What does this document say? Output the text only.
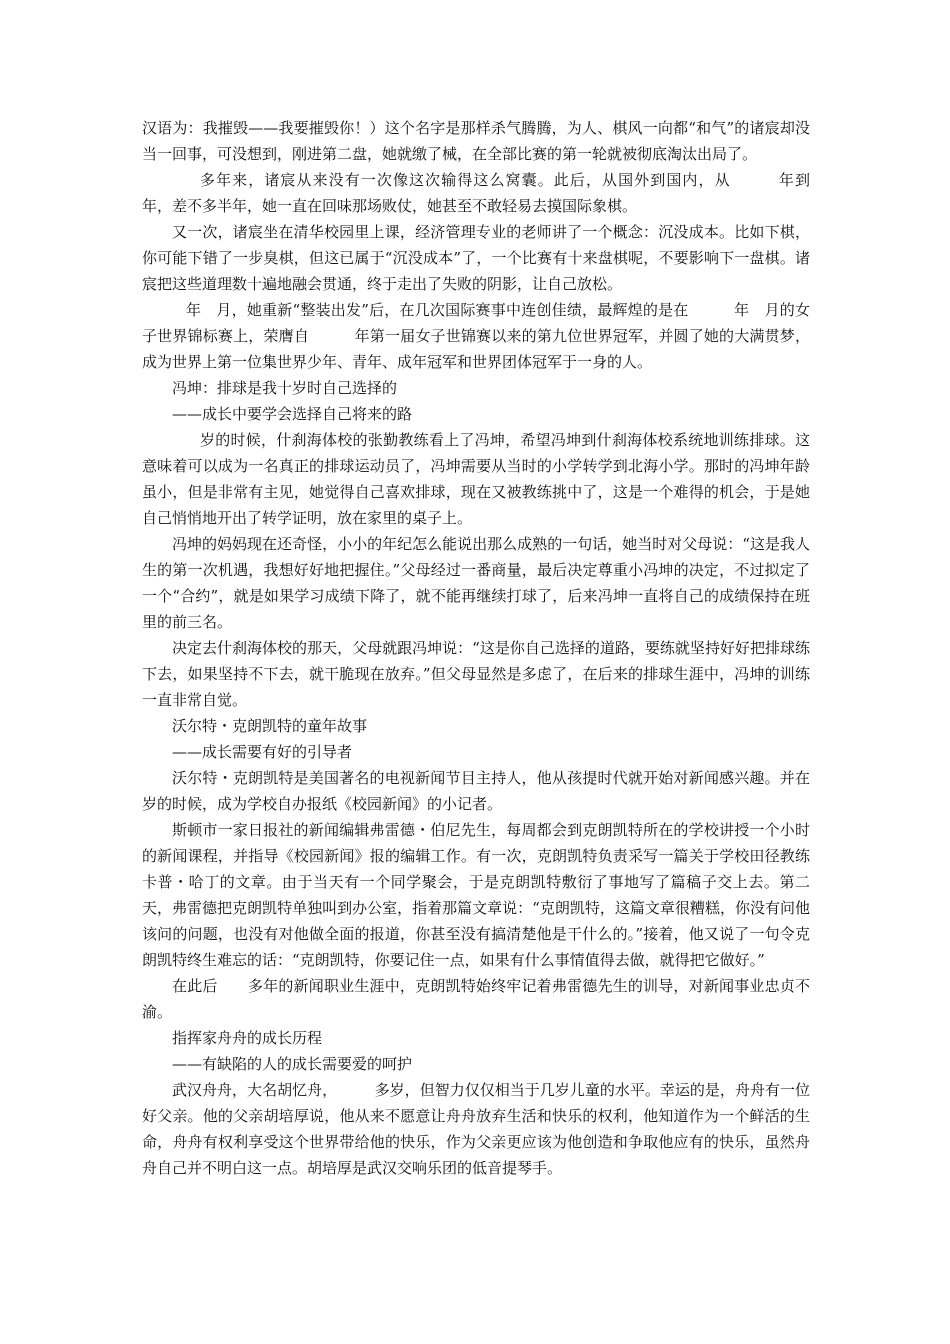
汉语为：我摧毁——我要摧毁你！）这个名字是那样杀气腾腾，为人、棋风一向都“和气”的诸宸却没当一回事，可没想到，刚进第二盘，她就缴了械，在全部比赛的第一轮就被彻底淘汰出局了。

多年来，诸宸从来没有一次像这次输得这么窝囊。此后，从国外到国内，从　　　年到　　　年，差不多半年，她一直在回味那场败仗，她甚至不敢轻易去摸国际象棋。

又一次，诸宸坐在清华校园里上课，经济管理专业的老师讲了一个概念：沉没成本。比如下棋，你可能下错了一步臭棋，但这已属于“沉没成本”了，一个比赛有十来盘棋呢，不要影响下一盘棋。诸宸把这些道理数十遍地融会贯通，终于走出了失败的阴影，让自己放松。

年　月，她重新“整装出发”后，在几次国际赛事中连创佳绩，最辉煌的是在　　　年　月的女子世界锦标赛上，荣膺自　　　年第一届女子世锦赛以来的第九位世界冠军，并圆了她的大满贯梦，成为世界上第一位集世界少年、青年、成年冠军和世界团体冠军于一身的人。

冯坤：排球是我十岁时自己选择的

——成长中要学会选择自己将来的路

岁的时候，什刹海体校的张勤教练看上了冯坤，希望冯坤到什刹海体校系统地训练排球。这意味着可以成为一名真正的排球运动员了，冯坤需要从当时的小学转学到北海小学。那时的冯坤年龄虽小，但是非常有主见，她觉得自己喜欢排球，现在又被教练挑中了，这是一个难得的机会，于是她自己悄悄地开出了转学证明，放在家里的桌子上。

冯坤的妈妈现在还奇怪，小小的年纪怎么能说出那么成熟的一句话，她当时对父母说：“这是我人生的第一次机遇，我想好好地把握住。”父母经过一番商量，最后决定尊重小冯坤的决定，不过拟定了一个“合约”，就是如果学习成绩下降了，就不能再继续打球了，后来冯坤一直将自己的成绩保持在班里的前三名。

决定去什刹海体校的那天，父母就跟冯坤说：“这是你自己选择的道路，要练就坚持好好把排球练下去，如果坚持不下去，就干脆现在放弃。”但父母显然是多虑了，在后来的排球生涯中，冯坤的训练一直非常自觉。

沃尔特・克朗凯特的童年故事

——成长需要有好的引导者

沃尔特・克朗凯特是美国著名的电视新闻节目主持人，他从孩提时代就开始对新闻感兴趣。并在　　岁的时候，成为学校自办报纸《校园新闻》的小记者。

斯顿市一家日报社的新闻编辑弗雷德・伯尼先生，每周都会到克朗凯特所在的学校讲授一个小时的新闻课程，并指导《校园新闻》报的编辑工作。有一次，克朗凯特负责采写一篇关于学校田径教练卡普・哈丁的文章。由于当天有一个同学聚会，于是克朗凯特敷衍了事地写了篇稿子交上去。第二天，弗雷德把克朗凯特单独叫到办公室，指着那篇文章说：“克朗凯特，这篇文章很糟糕，你没有问他该问的问题，也没有对他做全面的报道，你甚至没有搞清楚他是干什么的。”接着，他又说了一句令克朗凯特终生难忘的话：“克朗凯特，你要记住一点，如果有什么事情值得去做，就得把它做好。”

在此后　　多年的新闻职业生涯中，克朗凯特始终牢记着弗雷德先生的训导，对新闻事业忠贞不渝。

指挥家舟舟的成长历程

——有缺陷的人的成长需要爱的呵护

武汉舟舟，大名胡忆舟，　　　多岁，但智力仅仅相当于几岁儿童的水平。幸运的是，舟舟有一位好父亲。他的父亲胡培厚说，他从来不愿意让舟舟放弃生活和快乐的权利，他知道作为一个鲜活的生命，舟舟有权利享受这个世界带给他的快乐，作为父亲更应该为他创造和争取他应有的快乐，虽然舟舟自己并不明白这一点。胡培厚是武汉交响乐团的低音提琴手。
